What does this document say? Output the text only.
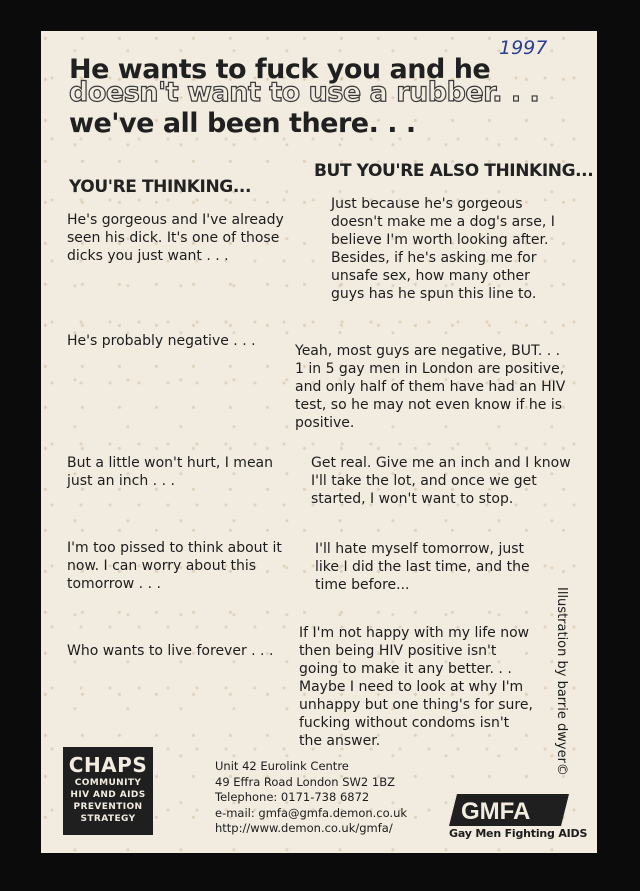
1997
He wants to fuck you and he
doesn't want to use a rubber. . .
we've all been there. . .
YOU'RE THINKING...
BUT YOU'RE ALSO THINKING...
He's gorgeous and I've already
seen his dick. It's one of those
dicks you just want . . .
Just because he's gorgeous
doesn't make me a dog's arse, I
believe I'm worth looking after.
Besides, if he's asking me for
unsafe sex, how many other
guys has he spun this line to.
He's probably negative . . .
Yeah, most guys are negative, BUT. . .
1 in 5 gay men in London are positive,
and only half of them have had an HIV
test, so he may not even know if he is
positive.
But a little won't hurt, I mean
just an inch . . .
Get real. Give me an inch and I know
I'll take the lot, and once we get
started, I won't want to stop.
I'm too pissed to think about it
now. I can worry about this
tomorrow . . .
I'll hate myself tomorrow, just
like I did the last time, and the
time before...
Who wants to live forever . . .
If I'm not happy with my life now
then being HIV positive isn't
going to make it any better. . .
Maybe I need to look at why I'm
unhappy but one thing's for sure,
fucking without condoms isn't
the answer.	Illustration by barrie dwyer©
CHAPS
COMMUNITY
HIV AND AIDS
PREVENTION
STRATEGY
Unit 42 Eurolink Centre
49 Effra Road London SW2 1BZ
Telephone: 0171-738 6872
e-mail: gmfa@gmfa.demon.co.uk
http://www.demon.co.uk/gmfa/
GMFA
Gay Men Fighting AIDS
